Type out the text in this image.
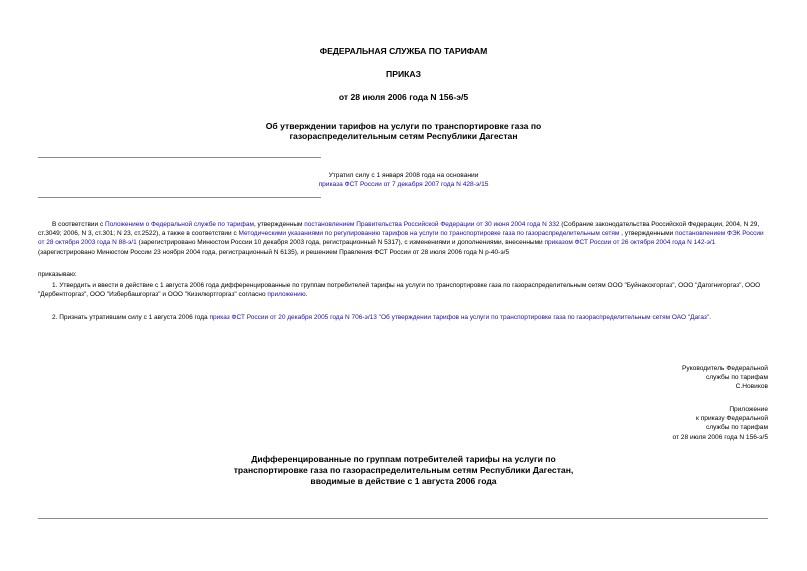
ФЕДЕРАЛЬНАЯ СЛУЖБА ПО ТАРИФАМ
ПРИКАЗ
от 28 июля 2006 года N 156-э/5
Об утверждении тарифов на услуги по транспортировке газа по
газораспределительным сетям Республики Дагестан
Утратил силу с 1 января 2008 года на основании
приказа ФСТ России от 7 декабря 2007 года N 428-э/15
В соответствии с Положением о Федеральной службе по тарифам, утвержденным постановлением Правительства Российской Федерации от 30 июня 2004 года N 332 (Собрание законодательства Российской Федерации, 2004, N 29, ст.3049; 2006, N 3, ст.301; N 23, ст.2522), а также в соответствии с Методическими указаниями по регулированию тарифов на услуги по транспортировке газа по газораспределительным сетям , утвержденными постановлением ФЭК России от 28 октября 2003 года N 88-э/1 (зарегистрировано Минюстом России 10 декабря 2003 года, регистрационный N 5317), с изменениями и дополнениями, внесенными приказом ФСТ России от 26 октября 2004 года N 142-э/1 (зарегистрировано Минюстом России 23 ноября 2004 года, регистрационный N 6135), и решением Правления ФСТ России от 28 июля 2006 года N р-40-э/5
приказываю:
1. Утвердить и ввести в действие с 1 августа 2006 года дифференцированные по группам потребителей тарифы на услуги по транспортировке газа по газораспределительным сетям ООО "Буйнакскгоргаз", ООО "Дагогнигоргаз", ООО "Дербентгоргаз", ООО "Избербашгоргаз" и ООО "Кизилюртгоргаз" согласно приложению.
2. Признать утратившим силу с 1 августа 2006 года приказ ФСТ России от 20 декабря 2005 года N 706-э/13 "Об утверждении тарифов на услуги по транспортировке газа по газораспределительным сетям ОАО "Дагаз".
Руководитель Федеральной
службы по тарифам
С.Новиков
Приложение
к приказу Федеральной
службы по тарифам
от 28 июля 2006 года N 156-э/5
Дифференцированные по группам потребителей тарифы на услуги по
транспортировке газа по газораспределительным сетям Республики Дагестан,
вводимые в действие с 1 августа 2006 года
